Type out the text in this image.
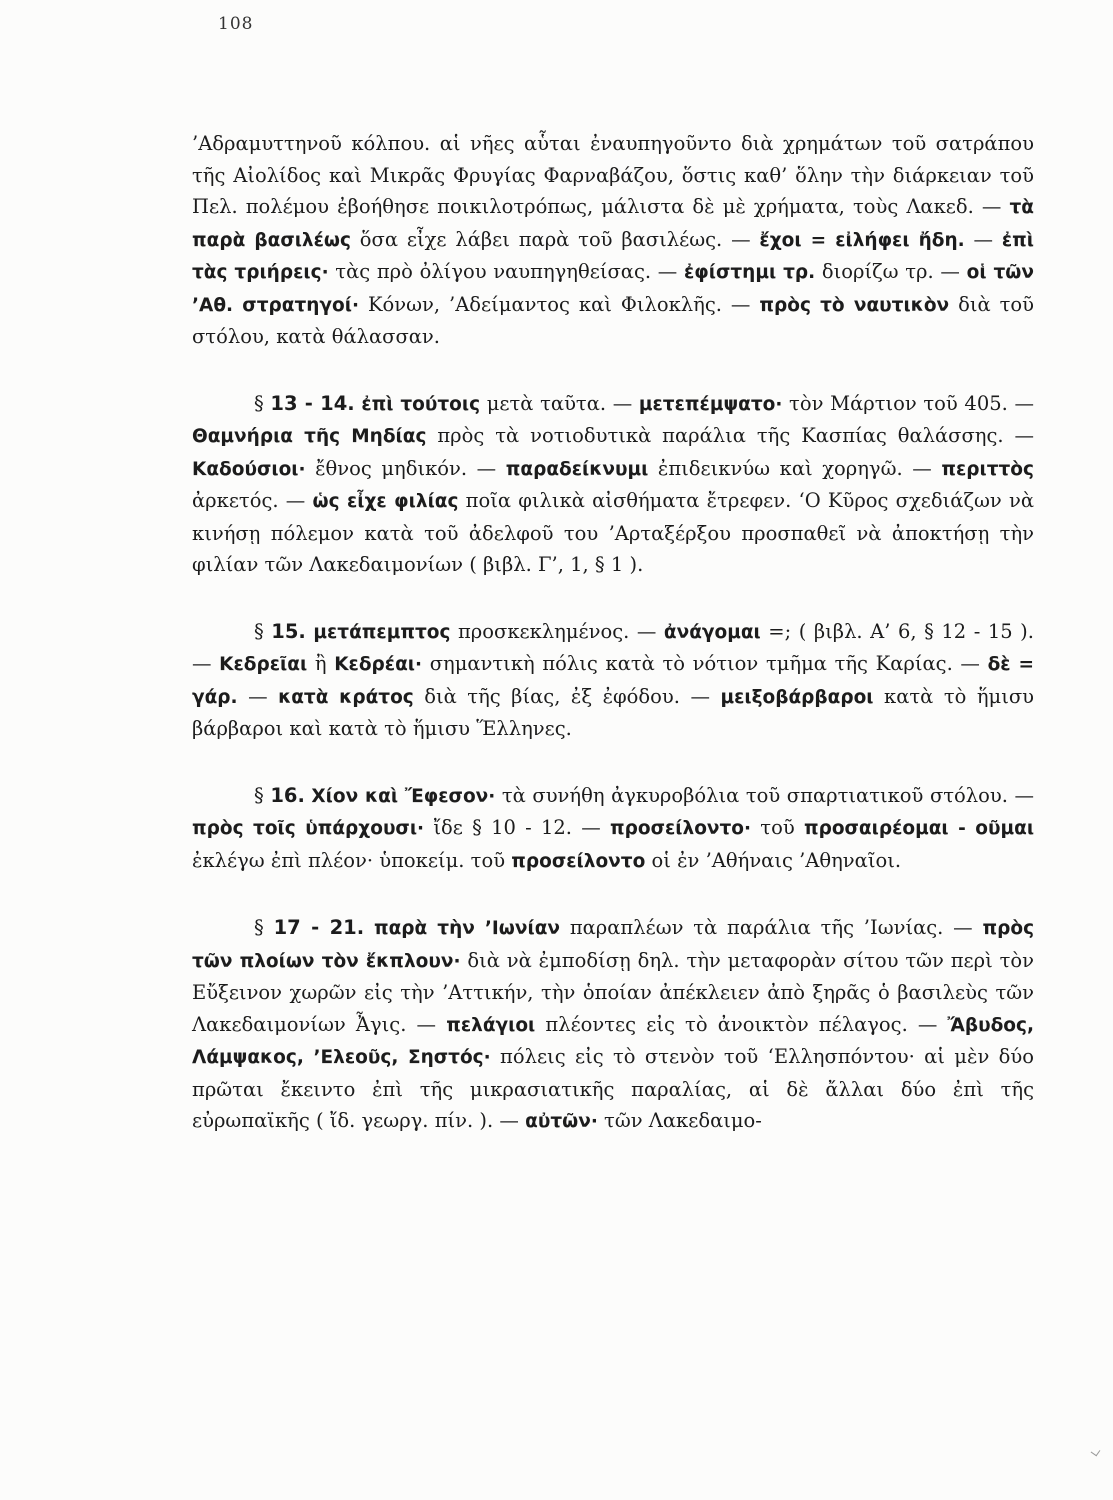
108

’Αδραμυττηνοῦ κόλπου. αἱ νῆες αὗται ἐναυπηγοῦντο διὰ χρημάτων τοῦ σατράπου τῆς Αἰολίδος καὶ Μικρᾶς Φρυγίας Φαρναβάζου, ὅστις καθ’ ὅλην τὴν διάρκειαν τοῦ Πελ. πολέμου ἐβοήθησε ποικιλοτρόπως, μάλιστα δὲ μὲ χρήματα, τοὺς Λακεδ. — τὰ παρὰ βασιλέως ὅσα εἶχε λάβει παρὰ τοῦ βασιλέως. — ἔχοι = εἰλήφει ἤδη. — ἐπὶ τὰς τριήρεις· τὰς πρὸ ὀλίγου ναυπηγηθείσας. — ἐφίστημι τρ. διορίζω τρ. — οἱ τῶν ’Αθ. στρατηγοί· Κόνων, ’Αδείμαντος καὶ Φιλοκλῆς. — πρὸς τὸ ναυτικὸν διὰ τοῦ στόλου, κατὰ θάλασσαν.

§ 13 - 14. ἐπὶ τούτοις μετὰ ταῦτα. — μετεπέμψατο· τὸν Μάρτιον τοῦ 405. — Θαμνήρια τῆς Μηδίας πρὸς τὰ νοτιοδυτικὰ παράλια τῆς Κασπίας θαλάσσης. — Καδούσιοι· ἔθνος μηδικόν. — παραδείκνυμι ἐπιδεικνύω καὶ χορηγῶ. — περιττὸς ἀρκετός. — ὡς εἶχε φιλίας ποῖα φιλικὰ αἰσθήματα ἔτρεφεν. ‘Ο Κῦρος σχεδιάζων νὰ κινήσῃ πόλεμον κατὰ τοῦ ἀδελφοῦ του ’Αρταξέρξου προσπαθεῖ νὰ ἀποκτήσῃ τὴν φιλίαν τῶν Λακεδαιμονίων ( βιβλ. Γ’, 1, § 1 ).

§ 15. μετάπεμπτος προσκεκλημένος. — ἀνάγομαι =; ( βιβλ. Α’ 6, § 12 - 15 ). — Κεδρεῖαι ἢ Κεδρέαι· σημαντικὴ πόλις κατὰ τὸ νότιον τμῆμα τῆς Καρίας. — δὲ = γάρ. — κατὰ κράτος διὰ τῆς βίας, ἐξ ἐφόδου. — μειξοβάρβαροι κατὰ τὸ ἥμισυ βάρβαροι καὶ κατὰ τὸ ἥμισυ Ἕλληνες.

§ 16. Χίον καὶ Ἔφεσον· τὰ συνήθη ἀγκυροβόλια τοῦ σπαρτιατικοῦ στόλου. — πρὸς τοῖς ὑπάρχουσι· ἴδε § 10 - 12. — προσείλοντο· τοῦ προσαιρέομαι - οῦμαι ἐκλέγω ἐπὶ πλέον· ὑποκείμ. τοῦ προσείλοντο οἱ ἐν ’Αθήναις ’Αθηναῖοι.

§ 17 - 21. παρὰ τὴν ’Ιωνίαν παραπλέων τὰ παράλια τῆς ’Ιωνίας. — πρὸς τῶν πλοίων τὸν ἔκπλουν· διὰ νὰ ἐμποδίσῃ δηλ. τὴν μεταφορὰν σίτου τῶν περὶ τὸν Εὔξεινον χωρῶν εἰς τὴν ’Αττικήν, τὴν ὁποίαν ἀπέκλειεν ἀπὸ ξηρᾶς ὁ βασιλεὺς τῶν Λακεδαιμονίων Ἆγις. — πελάγιοι πλέοντες εἰς τὸ ἀνοικτὸν πέλαγος. — Ἄβυδος, Λάμψακος, ’Ελεοῦς, Σηστός· πόλεις εἰς τὸ στενὸν τοῦ ‘Ελλησπόντου· αἱ μὲν δύο πρῶται ἔκειντο ἐπὶ τῆς μικρασιατικῆς παραλίας, αἱ δὲ ἄλλαι δύο ἐπὶ τῆς εὐρωπαϊκῆς ( ἴδ. γεωργ. πίν. ). — αὐτῶν· τῶν Λακεδαιμο-
